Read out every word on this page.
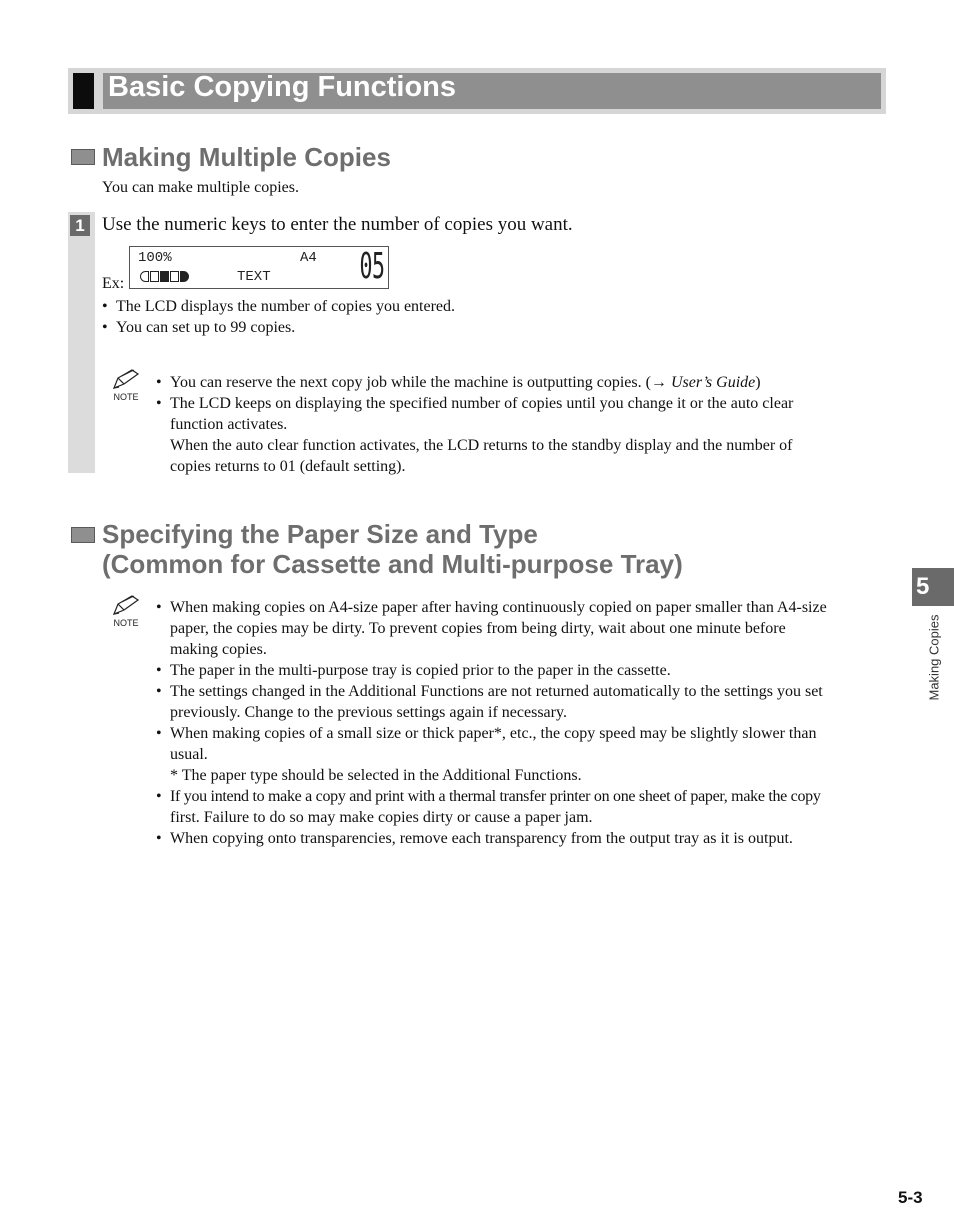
Basic Copying Functions
Making Multiple Copies
You can make multiple copies.
1 Use the numeric keys to enter the number of copies you want.
Ex:
100%	A4
TEXT 05
• The LCD displays the number of copies you entered.
• You can set up to 99 copies.
NOTE
• You can reserve the next copy job while the machine is outputting copies. (→ User’s Guide)
• The LCD keeps on displaying the specified number of copies until you change it or the auto clear
function activates.
When the auto clear function activates, the LCD returns to the standby display and the number of
copies returns to 01 (default setting).
Specifying the Paper Size and Type
(Common for Cassette and Multi-purpose Tray)
NOTE
• When making copies on A4-size paper after having continuously copied on paper smaller than A4-size
paper, the copies may be dirty. To prevent copies from being dirty, wait about one minute before
making copies.
• The paper in the multi-purpose tray is copied prior to the paper in the cassette.
• The settings changed in the Additional Functions are not returned automatically to the settings you set
previously. Change to the previous settings again if necessary.
• When making copies of a small size or thick paper*, etc., the copy speed may be slightly slower than
usual.
* The paper type should be selected in the Additional Functions.
• If you intend to make a copy and print with a thermal transfer printer on one sheet of paper, make the copy
first. Failure to do so may make copies dirty or cause a paper jam.
• When copying onto transparencies, remove each transparency from the output tray as it is output.
5
Making Copies
5-3
